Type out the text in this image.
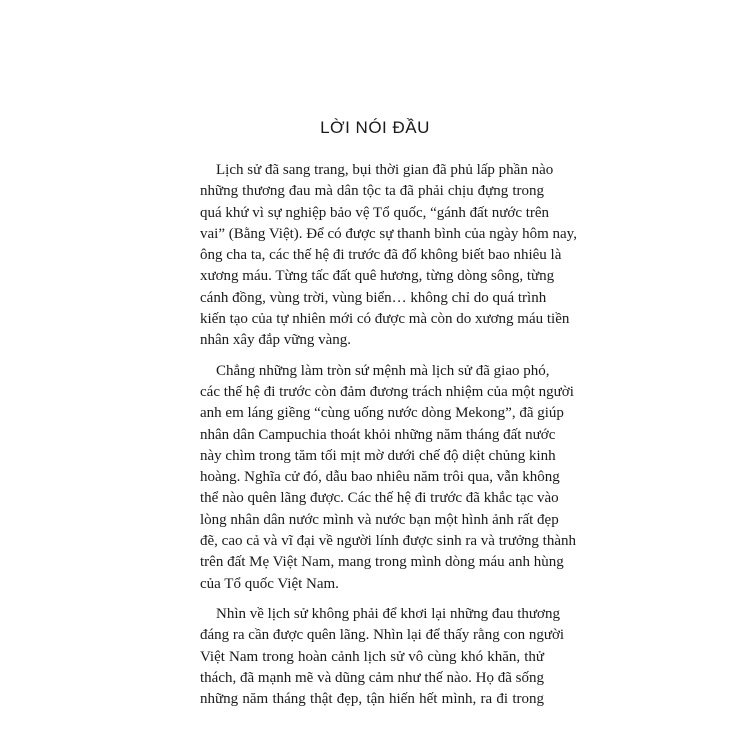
LỜI NÓI ĐẦU
Lịch sử đã sang trang, bụi thời gian đã phủ lấp phần nào
những thương đau mà dân tộc ta đã phải chịu đựng trong
quá khứ vì sự nghiệp bảo vệ Tổ quốc, “gánh đất nước trên
vai” (Bằng Việt). Để có được sự thanh bình của ngày hôm nay,
ông cha ta, các thế hệ đi trước đã đổ không biết bao nhiêu là
xương máu. Từng tấc đất quê hương, từng dòng sông, từng
cánh đồng, vùng trời, vùng biển… không chỉ do quá trình
kiến tạo của tự nhiên mới có được mà còn do xương máu tiền
nhân xây đắp vững vàng.
Chẳng những làm tròn sứ mệnh mà lịch sử đã giao phó,
các thế hệ đi trước còn đảm đương trách nhiệm của một người
anh em láng giềng “cùng uống nước dòng Mekong”, đã giúp
nhân dân Campuchia thoát khỏi những năm tháng đất nước
này chìm trong tăm tối mịt mờ dưới chế độ diệt chủng kinh
hoàng. Nghĩa cử đó, dẫu bao nhiêu năm trôi qua, vẫn không
thể nào quên lãng được. Các thế hệ đi trước đã khắc tạc vào
lòng nhân dân nước mình và nước bạn một hình ảnh rất đẹp
đẽ, cao cả và vĩ đại về người lính được sinh ra và trưởng thành
trên đất Mẹ Việt Nam, mang trong mình dòng máu anh hùng
của Tổ quốc Việt Nam.
Nhìn về lịch sử không phải để khơi lại những đau thương
đáng ra cần được quên lãng. Nhìn lại để thấy rằng con người
Việt Nam trong hoàn cảnh lịch sử vô cùng khó khăn, thử
thách, đã mạnh mẽ và dũng cảm như thế nào. Họ đã sống
những năm tháng thật đẹp, tận hiến hết mình, ra đi trong
